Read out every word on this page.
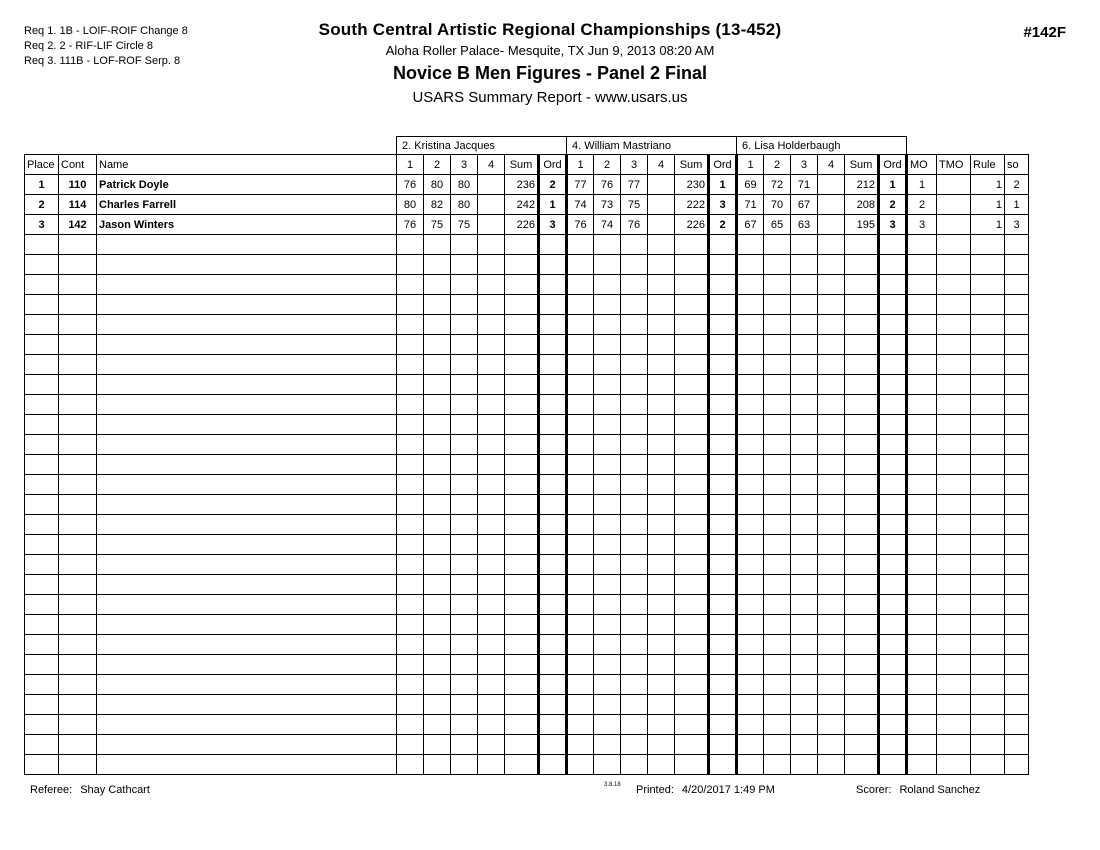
Req 1. 1B - LOIF-ROIF Change 8
Req 2. 2 - RIF-LIF Circle 8
Req 3. 111B - LOF-ROF Serp. 8
South Central Artistic Regional Championships (13-452)
Aloha Roller Palace- Mesquite, TX Jun 9, 2013 08:20 AM
Novice B Men Figures - Panel 2 Final
USARS Summary Report - www.usars.us
#142F
			2. Kristina Jacques						4. William Mastriano						6. Lisa Holderbaugh									
Place	Cont	Name	1	2	3	4	Sum	Ord	1	2	3	4	Sum	Ord	1	2	3	4	Sum	Ord	MO	TMO	Rule	so
1	110	Patrick Doyle	76	80	80		236	2	77	76	77		230	1	69	72	71		212	1	1		1	2
2	114	Charles Farrell	80	82	80		242	1	74	73	75		222	3	71	70	67		208	2	2		1	1
3	142	Jason Winters	76	75	75		226	3	76	74	76		226	2	67	65	63		195	3	3		1	3

Referee: Shay Cathcart	3.8.18 Printed: 4/20/2017 1:49 PM	Scorer: Roland Sanchez
